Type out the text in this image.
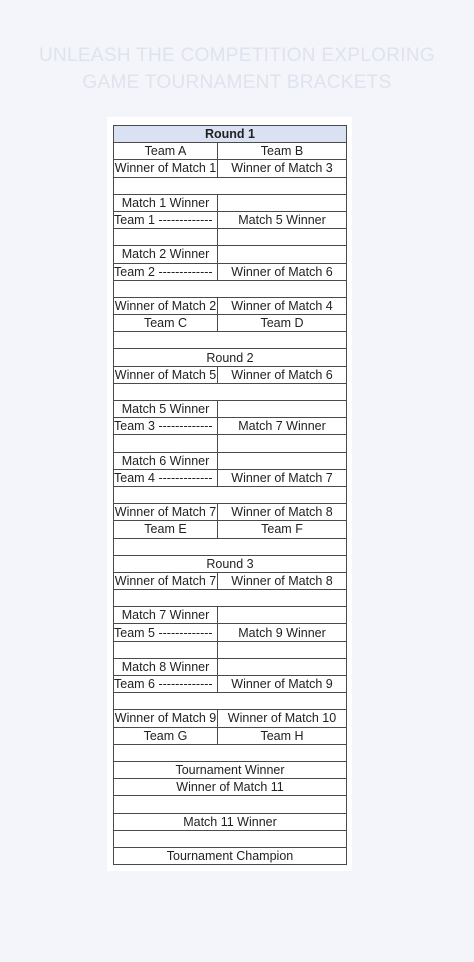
UNLEASH THE COMPETITION EXPLORING
GAME TOURNAMENT BRACKETS
Round 1	
Team A	Team B
Winner of Match 1	Winner of Match 3

Match 1 Winner	
Team 1 -------------	Match 5 Winner

Match 2 Winner	
Team 2 -------------	Winner of Match 6

Winner of Match 2	Winner of Match 4
Team C	Team D

Round 2	
Winner of Match 5	Winner of Match 6

Match 5 Winner	
Team 3 -------------	Match 7 Winner

Match 6 Winner	
Team 4 -------------	Winner of Match 7

Winner of Match 7	Winner of Match 8
Team E	Team F

Round 3	
Winner of Match 7	Winner of Match 8

Match 7 Winner	
Team 5 -------------	Match 9 Winner

Match 8 Winner	
Team 6 -------------	Winner of Match 9

Winner of Match 9	Winner of Match 10
Team G	Team H

Tournament Winner	
Winner of Match 11	

Match 11 Winner	

Tournament Champion	
